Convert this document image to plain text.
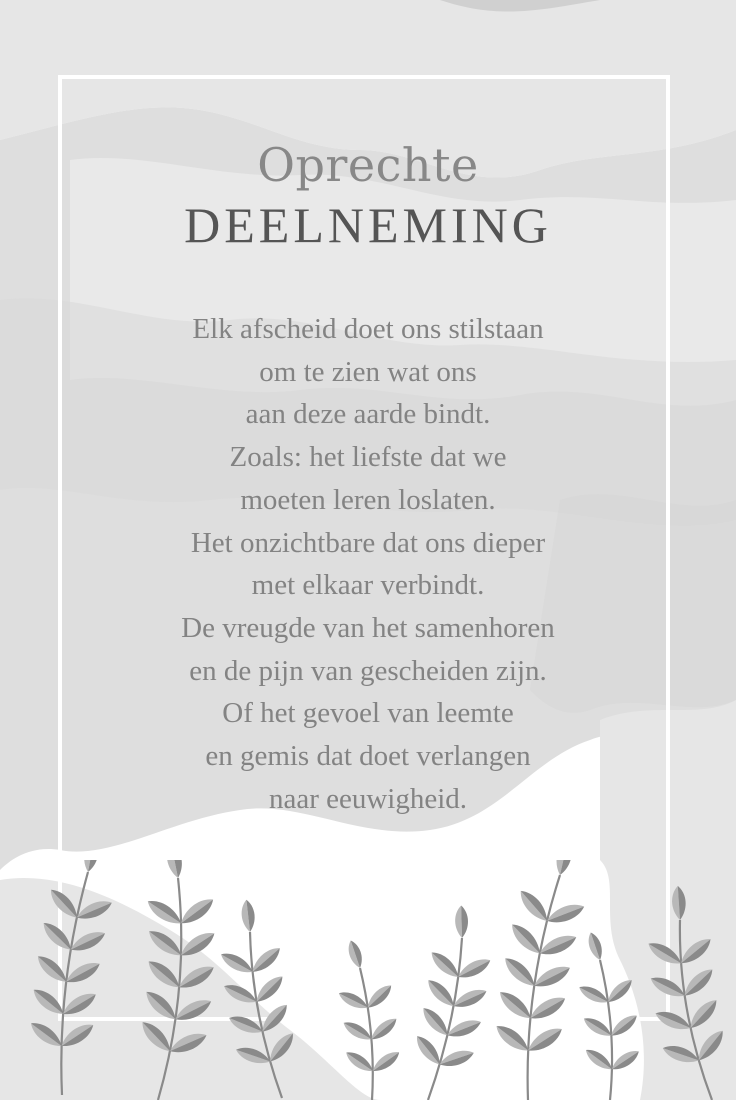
Oprechte
DEELNEMING
Elk afscheid doet ons stilstaan
om te zien wat ons
aan deze aarde bindt.
Zoals: het liefste dat we
moeten leren loslaten.
Het onzichtbare dat ons dieper
met elkaar verbindt.
De vreugde van het samenhoren
en de pijn van gescheiden zijn.
Of het gevoel van leemte
en gemis dat doet verlangen
naar eeuwigheid.
